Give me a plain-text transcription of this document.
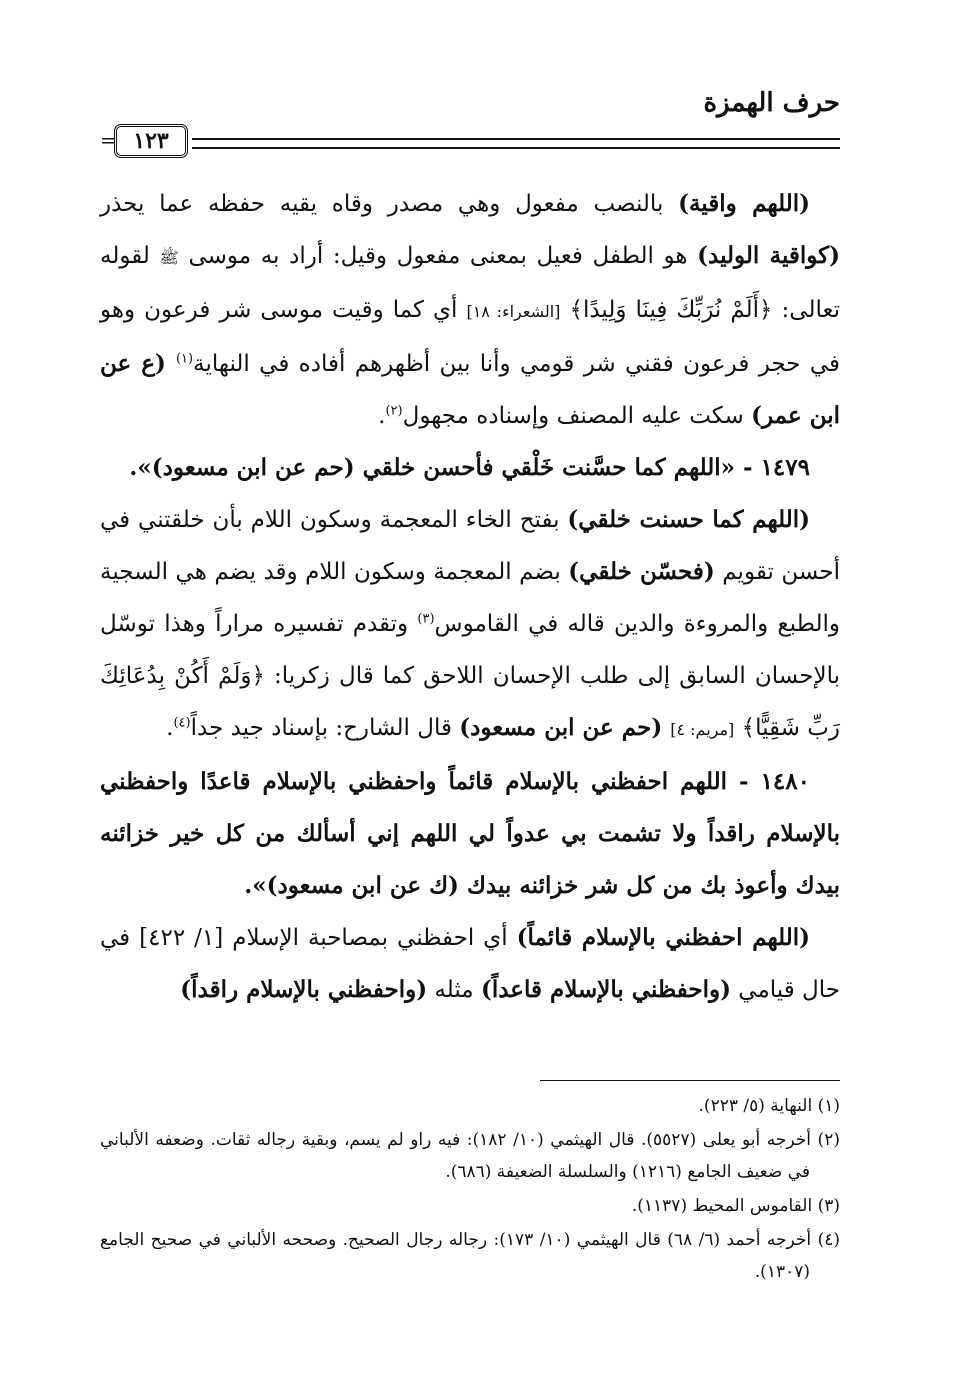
حرف الهمزة
١٢٣
=

(اللهم واقية) بالنصب مفعول وهي مصدر وقاه يقيه حفظه عما يحذر (كواقية الوليد) هو الطفل فعيل بمعنى مفعول وقيل: أراد به موسى ﷺ لقوله تعالى: ﴿أَلَمْ نُرَبِّكَ فِينَا وَلِيدًا﴾ [الشعراء: ١٨] أي كما وقيت موسى شر فرعون وهو في حجر فرعون فقني شر قومي وأنا بين أظهرهم أفاده في النهاية$^{(١)}$ (ع عن ابن عمر) سكت عليه المصنف وإسناده مجهول$^{(٢)}$.

١٤٧٩ - «اللهم كما حسَّنت خَلْقي فأحسن خلقي (حم عن ابن مسعود)».

(اللهم كما حسنت خلقي) بفتح الخاء المعجمة وسكون اللام بأن خلقتني في أحسن تقويم (فحسّن خلقي) بضم المعجمة وسكون اللام وقد يضم هي السجية والطبع والمروءة والدين قاله في القاموس$^{(٣)}$ وتقدم تفسيره مراراً وهذا توسّل بالإحسان السابق إلى طلب الإحسان اللاحق كما قال زكريا: ﴿وَلَمْ أَكُنْ بِدُعَائِكَ رَبِّ شَقِيًّا﴾ [مريم: ٤] (حم عن ابن مسعود) قال الشارح: بإسناد جيد جداً$^{(٤)}$.

١٤٨٠ - اللهم احفظني بالإسلام قائماً واحفظني بالإسلام قاعدًا واحفظني بالإسلام راقداً ولا تشمت بي عدواً لي اللهم إني أسألك من كل خير خزائنه بيدك وأعوذ بك من كل شر خزائنه بيدك (ك عن ابن مسعود)».

(اللهم احفظني بالإسلام قائماً) أي احفظني بمصاحبة الإسلام [١/ ٤٢٢] في حال قيامي (واحفظني بالإسلام قاعداً) مثله (واحفظني بالإسلام راقداً)

(١) النهاية (٥/ ٢٢٣).

(٢) أخرجه أبو يعلى (٥٥٢٧). قال الهيثمي (١٠/ ١٨٢): فيه راو لم يسم، وبقية رجاله ثقات. وضعفه الألباني في ضعيف الجامع (١٢١٦) والسلسلة الضعيفة (٦٨٦).

(٣) القاموس المحيط (١١٣٧).

(٤) أخرجه أحمد (٦/ ٦٨) قال الهيثمي (١٠/ ١٧٣): رجاله رجال الصحيح. وصححه الألباني في صحيح الجامع (١٣٠٧).
